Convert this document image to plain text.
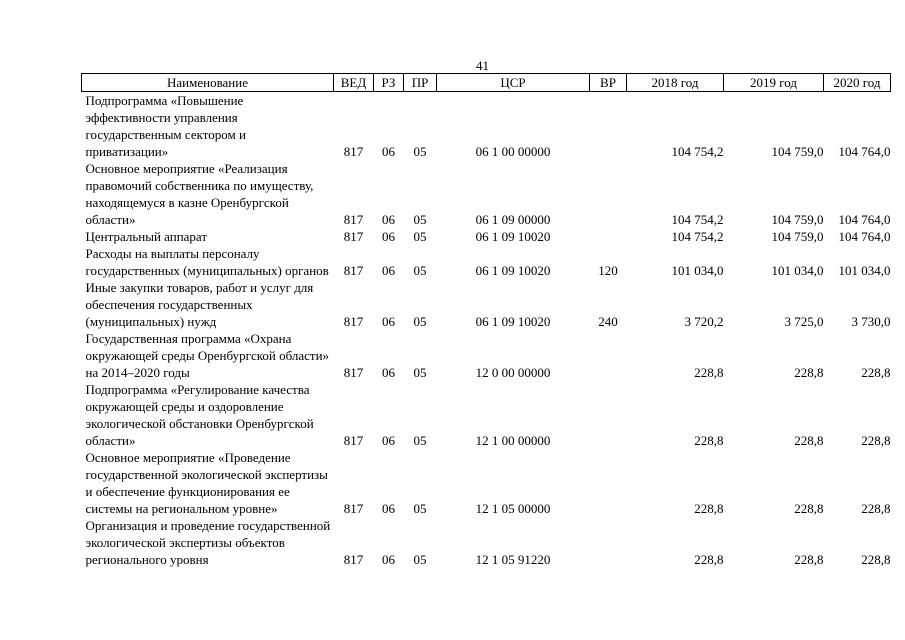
41
Наименование	ВЕД	РЗ	ПР	ЦСР	ВР	2018 год	2019 год	2020 год
Подпрограмма «Повышение эффективности управления государственным сектором и приватизации»	817	06	05	06 1 00 00000		104 754,2	104 759,0	104 764,0
Основное мероприятие «Реализация правомочий собственника по имуществу, находящемуся в казне Оренбургской области»	817	06	05	06 1 09 00000		104 754,2	104 759,0	104 764,0
Центральный аппарат	817	06	05	06 1 09 10020		104 754,2	104 759,0	104 764,0
Расходы на выплаты персоналу государственных (муниципальных) органов	817	06	05	06 1 09 10020	120	101 034,0	101 034,0	101 034,0
Иные закупки товаров, работ и услуг для обеспечения государственных (муниципальных) нужд	817	06	05	06 1 09 10020	240	3 720,2	3 725,0	3 730,0
Государственная программа «Охрана окружающей среды Оренбургской области» на 2014–2020 годы	817	06	05	12 0 00 00000		228,8	228,8	228,8
Подпрограмма «Регулирование качества окружающей среды и оздоровление экологической обстановки Оренбургской области»	817	06	05	12 1 00 00000		228,8	228,8	228,8
Основное мероприятие «Проведение государственной экологической экспертизы и обеспечение функционирования ее системы на региональном уровне»	817	06	05	12 1 05 00000		228,8	228,8	228,8
Организация и проведение государственной экологической экспертизы объектов регионального уровня	817	06	05	12 1 05 91220		228,8	228,8	228,8
